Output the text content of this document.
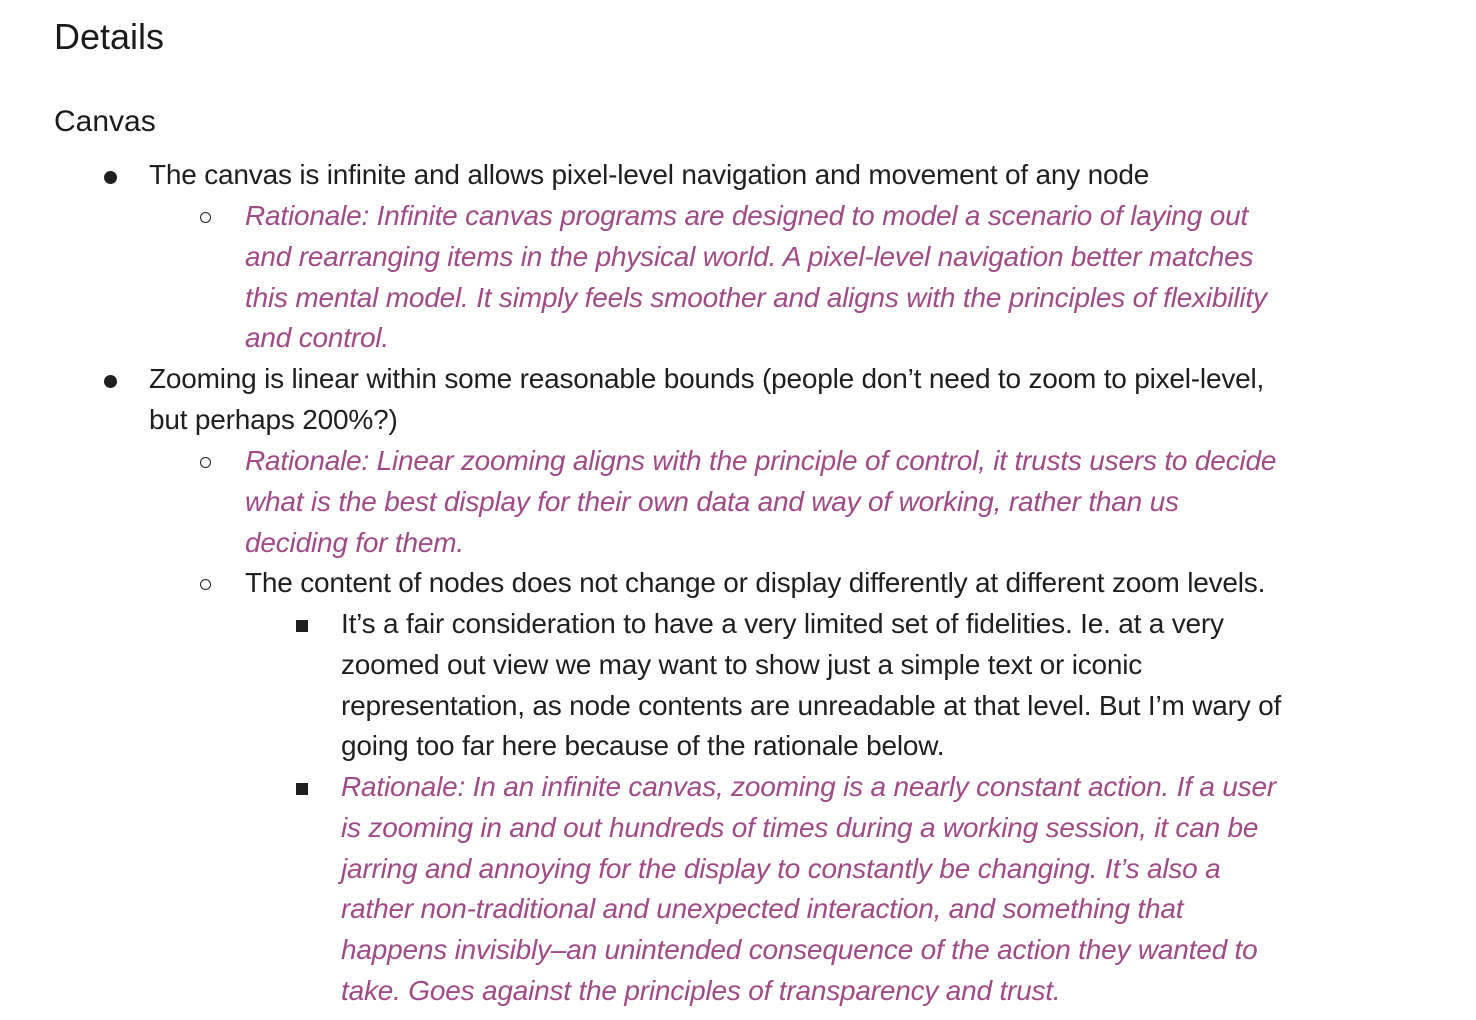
Details
Canvas
The canvas is infinite and allows pixel-level navigation and movement of any node
Rationale: Infinite canvas programs are designed to model a scenario of laying out
and rearranging items in the physical world. A pixel-level navigation better matches
this mental model. It simply feels smoother and aligns with the principles of flexibility
and control.
Zooming is linear within some reasonable bounds (people don’t need to zoom to pixel-level,
but perhaps 200%?)
Rationale: Linear zooming aligns with the principle of control, it trusts users to decide
what is the best display for their own data and way of working, rather than us
deciding for them.
The content of nodes does not change or display differently at different zoom levels.
It’s a fair consideration to have a very limited set of fidelities. Ie. at a very
zoomed out view we may want to show just a simple text or iconic
representation, as node contents are unreadable at that level. But I’m wary of
going too far here because of the rationale below.
Rationale: In an infinite canvas, zooming is a nearly constant action. If a user
is zooming in and out hundreds of times during a working session, it can be
jarring and annoying for the display to constantly be changing. It’s also a
rather non-traditional and unexpected interaction, and something that
happens invisibly–an unintended consequence of the action they wanted to
take. Goes against the principles of transparency and trust.
